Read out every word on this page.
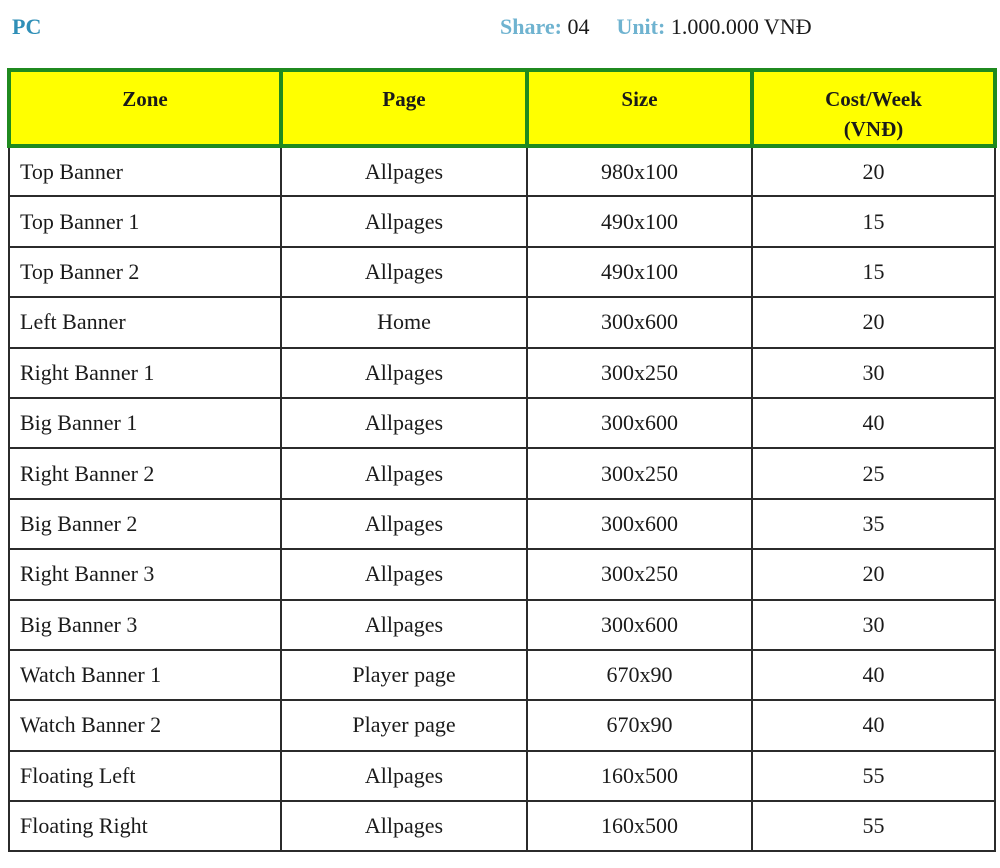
PC	Share: 04 Unit: 1.000.000 VNĐ
Zone	Page	Size	Cost/Week
(VNĐ)
Top Banner	Allpages	980x100	20
Top Banner 1	Allpages	490x100	15
Top Banner 2	Allpages	490x100	15
Left Banner	Home	300x600	20
Right Banner 1	Allpages	300x250	30
Big Banner 1	Allpages	300x600	40
Right Banner 2	Allpages	300x250	25
Big Banner 2	Allpages	300x600	35
Right Banner 3	Allpages	300x250	20
Big Banner 3	Allpages	300x600	30
Watch Banner 1	Player page	670x90	40
Watch Banner 2	Player page	670x90	40
Floating Left	Allpages	160x500	55
Floating Right	Allpages	160x500	55
